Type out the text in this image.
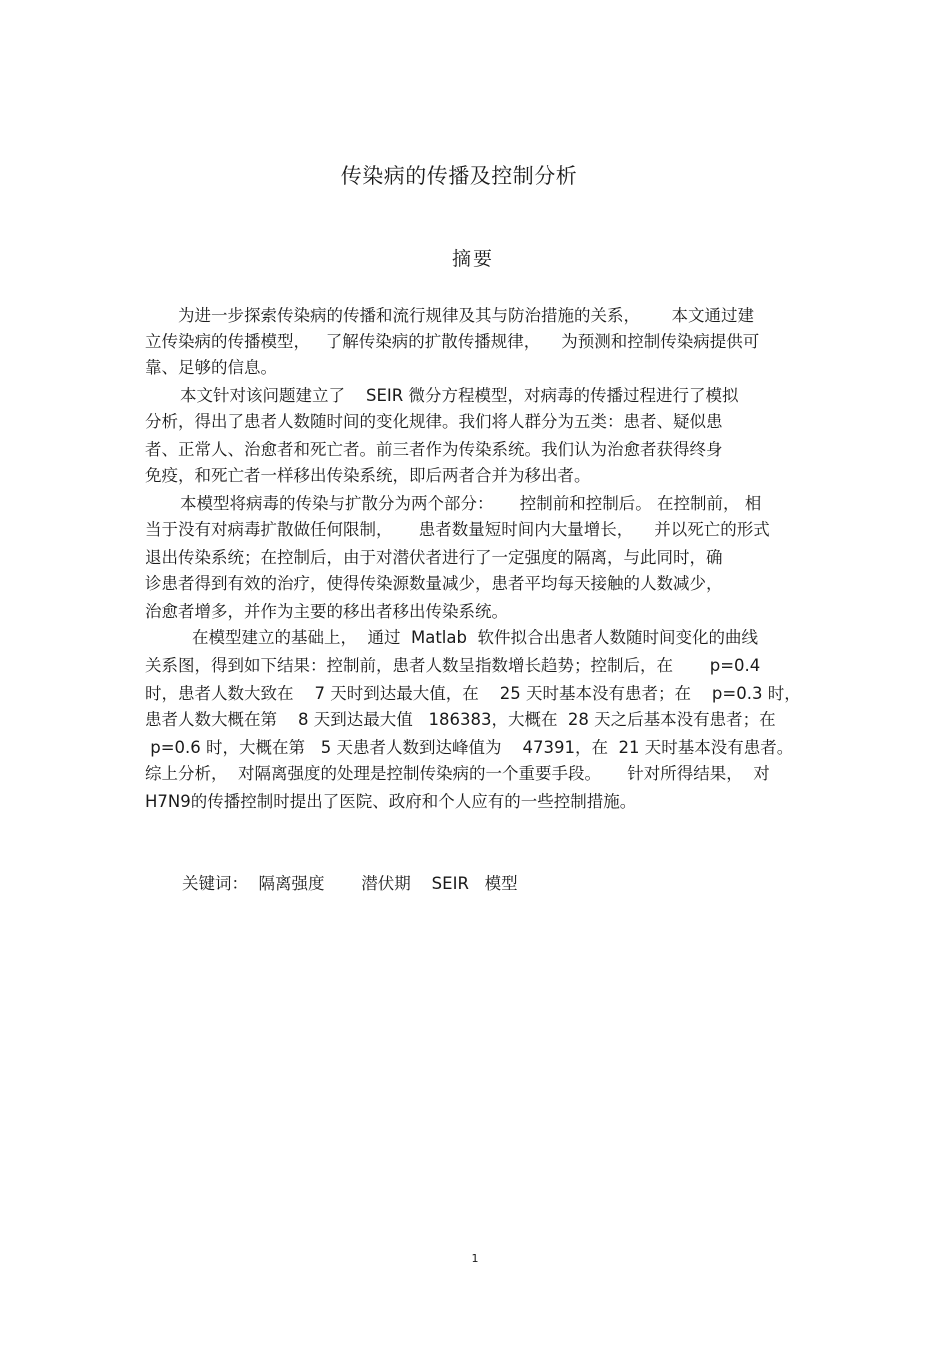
传染病的传播及控制分析
摘要
为进一步探索传染病的传播和流行规律及其与防治措施的关系，      本文通过建
立传染病的传播模型，   了解传染病的扩散传播规律，    为预测和控制传染病提供可
靠、足够的信息。
本文针对该问题建立了    SEIR 微分方程模型，对病毒的传播过程进行了模拟
分析，得出了患者人数随时间的变化规律。我们将人群分为五类：患者、疑似患
者、正常人、治愈者和死亡者。前三者作为传染系统。我们认为治愈者获得终身
免疫，和死亡者一样移出传染系统，即后两者合并为移出者。
本模型将病毒的传染与扩散分为两个部分：     控制前和控制后。 在控制前， 相
当于没有对病毒扩散做任何限制，     患者数量短时间内大量增长，    并以死亡的形式
退出传染系统；在控制后，由于对潜伏者进行了一定强度的隔离，与此同时，确
诊患者得到有效的治疗，使得传染源数量减少，患者平均每天接触的人数减少，
治愈者增多，并作为主要的移出者移出传染系统。
在模型建立的基础上，  通过  Matlab  软件拟合出患者人数随时间变化的曲线
关系图，得到如下结果：控制前，患者人数呈指数增长趋势；控制后，在       p=0.4
时，患者人数大致在    7 天时到达最大值，在    25 天时基本没有患者；在    p=0.3 时，
患者人数大概在第    8 天到达最大值   186383，大概在  28 天之后基本没有患者；在
p=0.6 时，大概在第   5 天患者人数到达峰值为    47391，在  21 天时基本没有患者。
综上分析，  对隔离强度的处理是控制传染病的一个重要手段。     针对所得结果，  对
H7N9的传播控制时提出了医院、政府和个人应有的一些控制措施。
关键词：  隔离强度       潜伏期    SEIR   模型
1
